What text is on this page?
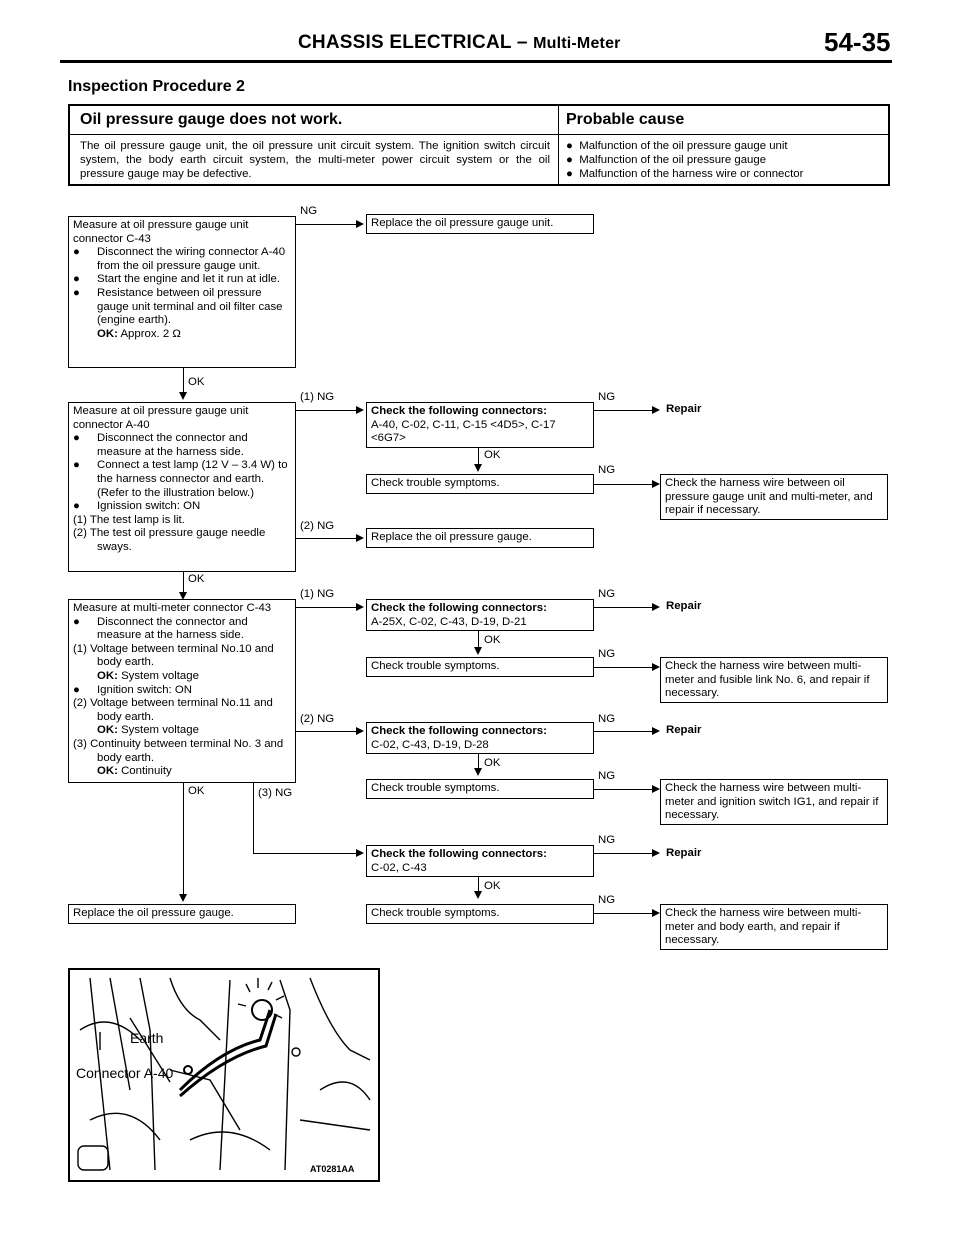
CHASSIS ELECTRICAL – Multi-Meter	54-35
Inspection Procedure 2
Oil pressure gauge does not work.	Probable cause
The oil pressure gauge unit, the oil pressure unit circuit system. The ignition switch circuit system, the body earth circuit system, the multi-meter power circuit system or the oil pressure gauge may be defective.
● Malfunction of the oil pressure gauge unit
● Malfunction of the oil pressure gauge
● Malfunction of the harness wire or connector
Measure at oil pressure gauge unit connector C-43
● Disconnect the wiring connector A-40 from the oil pressure gauge unit.
● Start the engine and let it run at idle.
● Resistance between oil pressure gauge unit terminal and oil filter case (engine earth).
OK: Approx. 2 Ω
NG
Replace the oil pressure gauge unit.
OK
Measure at oil pressure gauge unit connector A-40
● Disconnect the connector and measure at the harness side.
● Connect a test lamp (12 V – 3.4 W) to the harness connector and earth. (Refer to the illustration below.)
● Ignission switch: ON
(1) The test lamp is lit.
(2) The test oil pressure gauge needle sways.
(1) NG
Check the following connectors:
A-40, C-02, C-11, C-15 <4D5>, C-17 <6G7>
NG
Repair
OK
Check trouble symptoms.
NG
Check the harness wire between oil pressure gauge unit and multi-meter, and repair if necessary.
(2) NG
Replace the oil pressure gauge.
OK
Measure at multi-meter connector C-43
● Disconnect the connector and measure at the harness side.
(1) Voltage between terminal No.10 and body earth.
OK: System voltage
● Ignition switch: ON
(2) Voltage between terminal No.11 and body earth.
OK: System voltage
(3) Continuity between terminal No. 3 and body earth.
OK: Continuity
(1) NG
Check the following connectors:
A-25X, C-02, C-43, D-19, D-21
NG
Repair
OK
Check trouble symptoms.
NG
Check the harness wire between multi-meter and fusible link No. 6, and repair if necessary.
(2) NG
Check the following connectors:
C-02, C-43, D-19, D-28
NG
Repair
OK
Check trouble symptoms.
NG
Check the harness wire between multi-meter and ignition switch IG1, and repair if necessary.
(3) NG
Check the following connectors:
C-02, C-43
NG
Repair
OK
Check trouble symptoms.
NG
Check the harness wire between multi-meter and body earth, and repair if necessary.
OK
Replace the oil pressure gauge.
Earth
Connector A-40
AT0281AA
